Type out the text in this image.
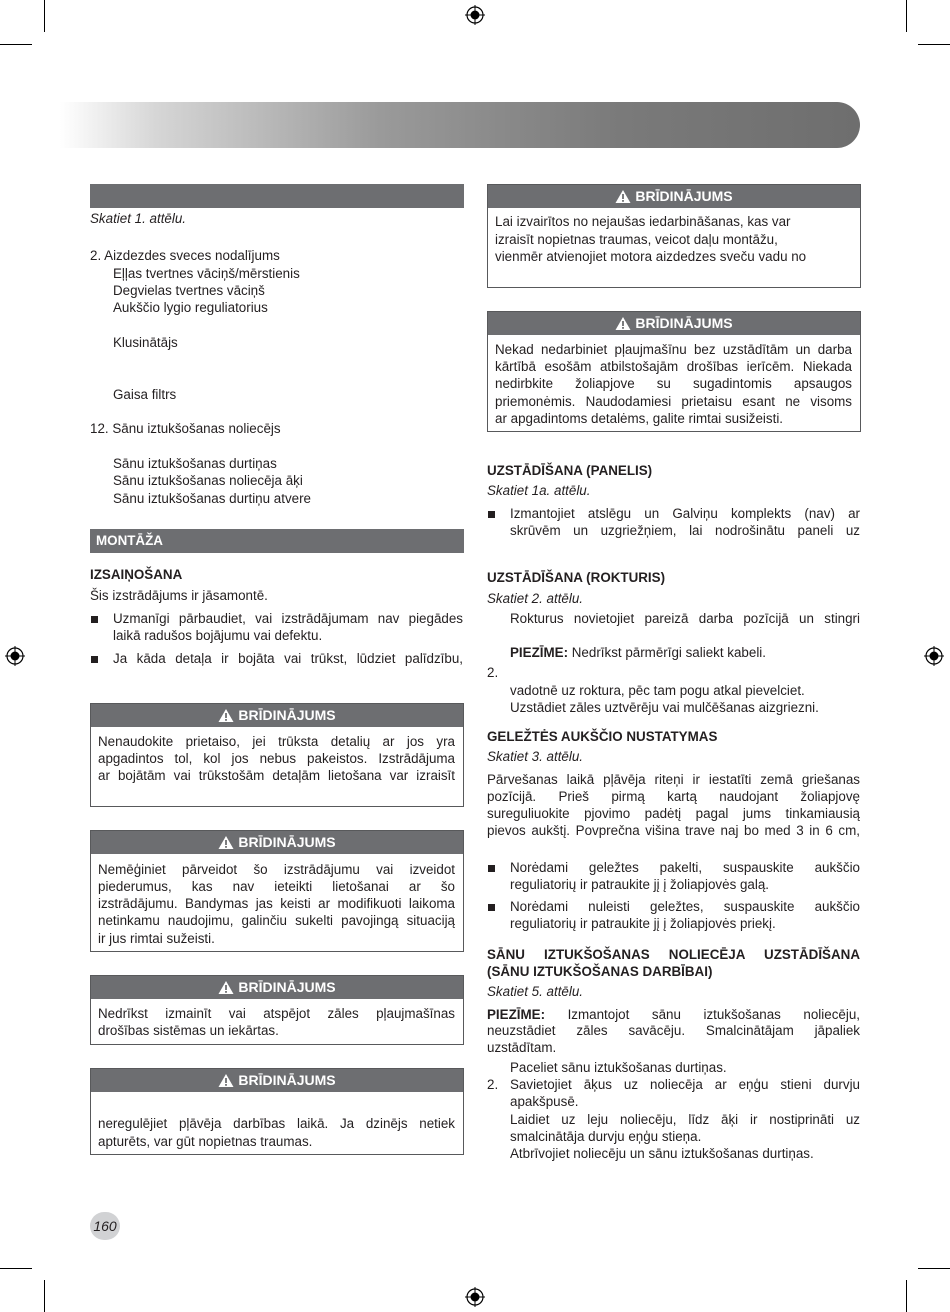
Skatiet 1. attēlu.
2. Aizdezdes sveces nodalījums
Eļļas tvertnes vāciņš/mērstienis
Degvielas tvertnes vāciņš
Aukščio lygio reguliatorius
Klusinātājs
Gaisa filtrs
12. Sānu iztukšošanas noliecējs
Sānu iztukšošanas durtiņas
Sānu iztukšošanas noliecēja āķi
Sānu iztukšošanas durtiņu atvere
MONTĀŽA
IZSAIŅOŠANA
Šis izstrādājums ir jāsamontē.
Uzmanīgi pārbaudiet, vai izstrādājumam nav piegādes
laikā radušos bojājumu vai defektu.
Ja kāda detaļa ir bojāta vai trūkst, lūdziet palīdzību,
BRĪDINĀJUMS
Nenaudokite prietaiso, jei trūksta detalių ar jos yra
apgadintos tol, kol jos nebus pakeistos. Izstrādājuma
ar bojātām vai trūkstošām detaļām lietošana var izraisīt
BRĪDINĀJUMS
Nemēģiniet pārveidot šo izstrādājumu vai izveidot
piederumus, kas nav ieteikti lietošanai ar šo
izstrādājumu. Bandymas jas keisti ar modifikuoti laikoma
netinkamu naudojimu, galinčiu sukelti pavojingą situaciją
ir jus rimtai sužeisti.
BRĪDINĀJUMS
Nedrīkst izmainīt vai atspējot zāles pļaujmašīnas
drošības sistēmas un iekārtas.
BRĪDINĀJUMS
neregulējiet pļāvēja darbības laikā. Ja dzinējs netiek
apturēts, var gūt nopietnas traumas.
BRĪDINĀJUMS
Lai izvairītos no nejaušas iedarbināšanas, kas var
izraisīt nopietnas traumas, veicot daļu montāžu,
vienmēr atvienojiet motora aizdedzes sveču vadu no
BRĪDINĀJUMS
Nekad nedarbiniet pļaujmašīnu bez uzstādītām un darba
kārtībā esošām atbilstošajām drošības ierīcēm. Niekada
nedirbkite žoliapjove su sugadintomis apsaugos
priemonėmis. Naudodamiesi prietaisu esant ne visoms
ar apgadintoms detalėms, galite rimtai susižeisti.
UZSTĀDĪŠANA (PANELIS)
Skatiet 1a. attēlu.
Izmantojiet atslēgu un Galviņu komplekts (nav) ar
skrūvēm un uzgriežņiem, lai nodrošinātu paneli uz
UZSTĀDĪŠANA (ROKTURIS)
Skatiet 2. attēlu.
Rokturus novietojiet pareizā darba pozīcijā un stingri
PIEZĪME: Nedrīkst pārmērīgi saliekt kabeli.
2.
vadotnē uz roktura, pēc tam pogu atkal pievelciet.
Uzstādiet zāles uztvērēju vai mulčēšanas aizgriezni.
GELEŽTĖS AUKŠČIO NUSTATYMAS
Skatiet 3. attēlu.
Pārvešanas laikā pļāvēja riteņi ir iestatīti zemā griešanas
pozīcijā. Prieš pirmą kartą naudojant žoliapjovę
sureguliuokite pjovimo padėtį pagal jums tinkamiausią
pievos aukštį. Povprečna višina trave naj bo med 3 in 6 cm,
Norėdami geležtes pakelti, suspauskite aukščio
reguliatorių ir patraukite jį į žoliapjovės galą.
Norėdami nuleisti geležtes, suspauskite aukščio
reguliatorių ir patraukite jį į žoliapjovės priekį.
SĀNU IZTUKŠOŠANAS NOLIECĒJA UZSTĀDĪŠANA
(SĀNU IZTUKŠOŠANAS DARBĪBAI)
Skatiet 5. attēlu.
PIEZĪME: Izmantojot sānu iztukšošanas noliecēju,
neuzstādiet zāles savācēju. Smalcinātājam jāpaliek
uzstādītam.
Paceliet sānu iztukšošanas durtiņas.
2. Savietojiet āķus uz noliecēja ar eņģu stieni durvju
apakšpusē.
Laidiet uz leju noliecēju, līdz āķi ir nostiprināti uz
smalcinātāja durvju eņģu stieņa.
Atbrīvojiet noliecēju un sānu iztukšošanas durtiņas.
160
